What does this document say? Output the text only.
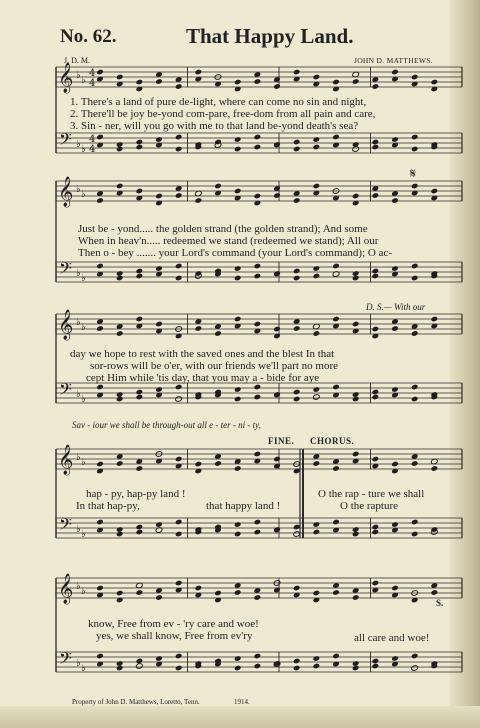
No. 62.	That Happy Land.
J. D. M.	JOHN D. MATTHEWS.
𝄞
𝄢
♭ ♭
♭ ♭
𝄞
𝄢
♭ ♭
♭ ♭
𝄞
𝄢
♭ ♭
♭ ♭
𝄞
𝄢
♭ ♭
♭ ♭
𝄞
𝄢
♭ ♭
♭ ♭
4
4
4
4
𝄋
1. There's a land of pure de-light, where can come no sin and night,
2. There'll be joy be-yond com-pare, free-dom from all pain and care,
3. Sin - ner, will you go with me to that land be-yond death's sea?
Just be - yond..... the golden strand (the golden strand); And some
When in heav'n..... redeemed we stand (redeemed we stand); All our
Then o - bey ....... your Lord's command (your Lord's command); O ac-
D. S.— With our
day we hope to rest with the saved ones and the blest In that
sor-rows will be o'er, with our friends we'll part no more
cept Him while 'tis day, that you may a - bide for aye
Sav - iour we shall be through-out all e - ter - ni - ty,
FINE. CHORUS.
hap - py, hap-py land !	O the rap - ture we shall
In that hap-py,	that happy land !	O the rapture
S.
know, Free from ev - 'ry care and woe!
yes, we shall know, Free from ev'ry	all care and woe!
Property of John D. Matthews, Loretto, Tenn.	1914.
